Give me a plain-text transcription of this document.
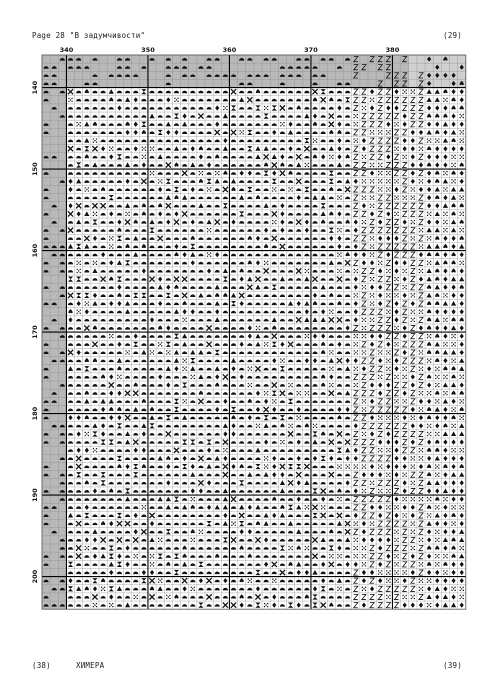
Page 28 "В задумчивости"	(29)
340	350	360	370	380
140
150
160
170
180
190
200
(38)	ХИМЕРА	(39)
